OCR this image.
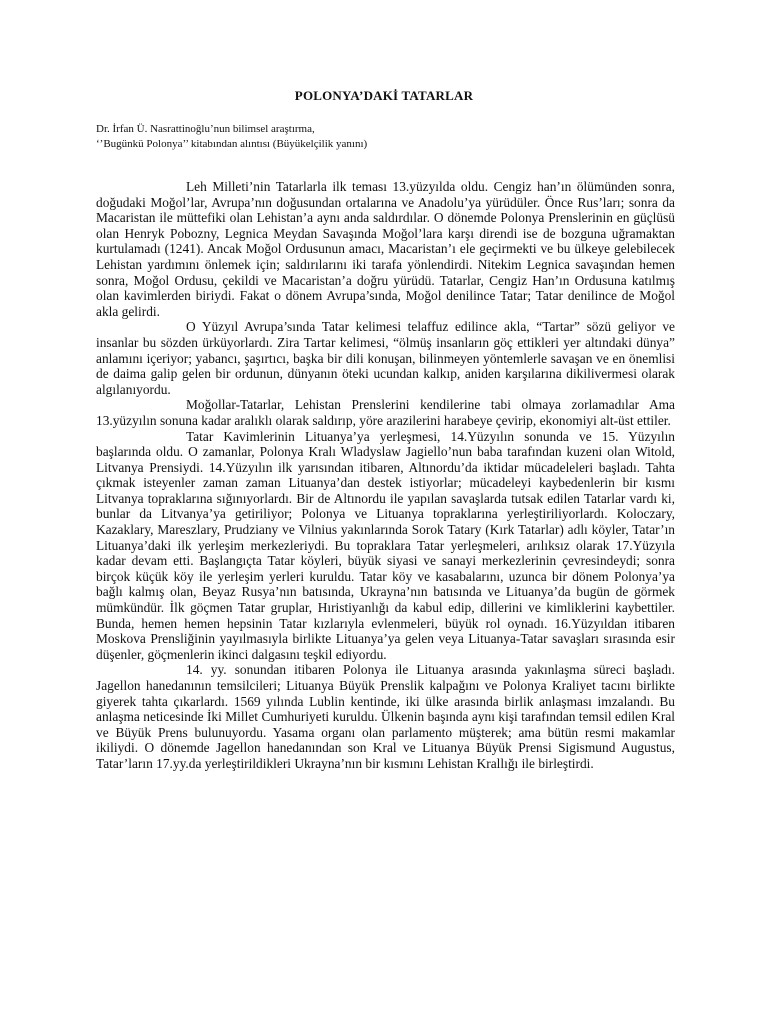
POLONYA’DAKİ TATARLAR
Dr. İrfan Ü. Nasrattinoğlu’nun bilimsel araştırma,
‘’Bugünkü Polonya’’ kitabından alıntısı (Büyükelçilik yanını)

Leh Milleti’nin Tatarlarla ilk teması 13.yüzyılda oldu. Cengiz han’ın ölümünden sonra, doğudaki Moğol’lar, Avrupa’nın doğusundan ortalarına ve Anadolu’ya yürüdüler. Önce Rus’ları; sonra da Macaristan ile müttefiki olan Lehistan’a aynı anda saldırdılar. O dönemde Polonya Prenslerinin en güçlüsü olan Henryk Pobozny, Legnica Meydan Savaşında Moğol’lara karşı direndi ise de bozguna uğramaktan kurtulamadı (1241). Ancak Moğol Ordusunun amacı, Macaristan’ı ele geçirmekti ve bu ülkeye gelebilecek Lehistan yardımını önlemek için; saldırılarını iki tarafa yönlendirdi. Nitekim Legnica savaşından hemen sonra, Moğol Ordusu, çekildi ve Macaristan’a doğru yürüdü. Tatarlar, Cengiz Han’ın Ordusuna katılmış olan kavimlerden biriydi. Fakat o dönem Avrupa’sında, Moğol denilince Tatar; Tatar denilince de Moğol akla gelirdi.

O Yüzyıl Avrupa’sında Tatar kelimesi telaffuz edilince akla, “Tartar” sözü geliyor ve insanlar bu sözden ürküyorlardı. Zira Tartar kelimesi, “ölmüş insanların göç ettikleri yer altındaki dünya” anlamını içeriyor; yabancı, şaşırtıcı, başka bir dili konuşan, bilinmeyen yöntemlerle savaşan ve en önemlisi de daima galip gelen bir ordunun, dünyanın öteki ucundan kalkıp, aniden karşılarına dikilivermesi olarak algılanıyordu.

Moğollar-Tatarlar, Lehistan Prenslerini kendilerine tabi olmaya zorlamadılar Ama 13.yüzyılın sonuna kadar aralıklı olarak saldırıp, yöre arazilerini harabeye çevirip, ekonomiyi alt-üst ettiler.

Tatar Kavimlerinin Lituanya’ya yerleşmesi, 14.Yüzyılın sonunda ve 15. Yüzyılın başlarında oldu. O zamanlar, Polonya Kralı Wladyslaw Jagiello’nun baba tarafından kuzeni olan Witold, Litvanya Prensiydi. 14.Yüzyılın ilk yarısından itibaren, Altınordu’da iktidar mücadeleleri başladı. Tahta çıkmak isteyenler zaman zaman Lituanya’dan destek istiyorlar; mücadeleyi kaybedenlerin bir kısmı Litvanya topraklarına sığınıyorlardı. Bir de Altınordu ile yapılan savaşlarda tutsak edilen Tatarlar vardı ki, bunlar da Litvanya’ya getiriliyor; Polonya ve Lituanya topraklarına yerleştiriliyorlardı. Koloczary, Kazaklary, Mareszlary, Prudziany ve Vilnius yakınlarında Sorok Tatary (Kırk Tatarlar) adlı köyler, Tatar’ın Lituanya’daki ilk yerleşim merkezleriydi. Bu topraklara Tatar yerleşmeleri, arılıksız olarak 17.Yüzyıla kadar devam etti. Başlangıçta Tatar köyleri, büyük siyasi ve sanayi merkezlerinin çevresindeydi; sonra birçok küçük köy ile yerleşim yerleri kuruldu. Tatar köy ve kasabalarını, uzunca bir dönem Polonya’ya bağlı kalmış olan, Beyaz Rusya’nın batısında, Ukrayna’nın batısında ve Lituanya’da bugün de görmek mümkündür. İlk göçmen Tatar gruplar, Hıristiyanlığı da kabul edip, dillerini ve kimliklerini kaybettiler. Bunda, hemen hemen hepsinin Tatar kızlarıyla evlenmeleri, büyük rol oynadı. 16.Yüzyıldan itibaren Moskova Prensliğinin yayılmasıyla birlikte Lituanya’ya gelen veya Lituanya-Tatar savaşları sırasında esir düşenler, göçmenlerin ikinci dalgasını teşkil ediyordu.

14. yy. sonundan itibaren Polonya ile Lituanya arasında yakınlaşma süreci başladı. Jagellon hanedanının temsilcileri; Lituanya Büyük Prenslik kalpağını ve Polonya Kraliyet tacını birlikte giyerek tahta çıkarlardı. 1569 yılında Lublin kentinde, iki ülke arasında birlik anlaşması imzalandı. Bu anlaşma neticesinde İki Millet Cumhuriyeti kuruldu. Ülkenin başında aynı kişi tarafından temsil edilen Kral ve Büyük Prens bulunuyordu. Yasama organı olan parlamento müşterek; ama bütün resmi makamlar ikiliydi. O dönemde Jagellon hanedanından son Kral ve Lituanya Büyük Prensi Sigismund Augustus, Tatar’ların 17.yy.da yerleştirildikleri Ukrayna’nın bir kısmını Lehistan Krallığı ile birleştirdi.
